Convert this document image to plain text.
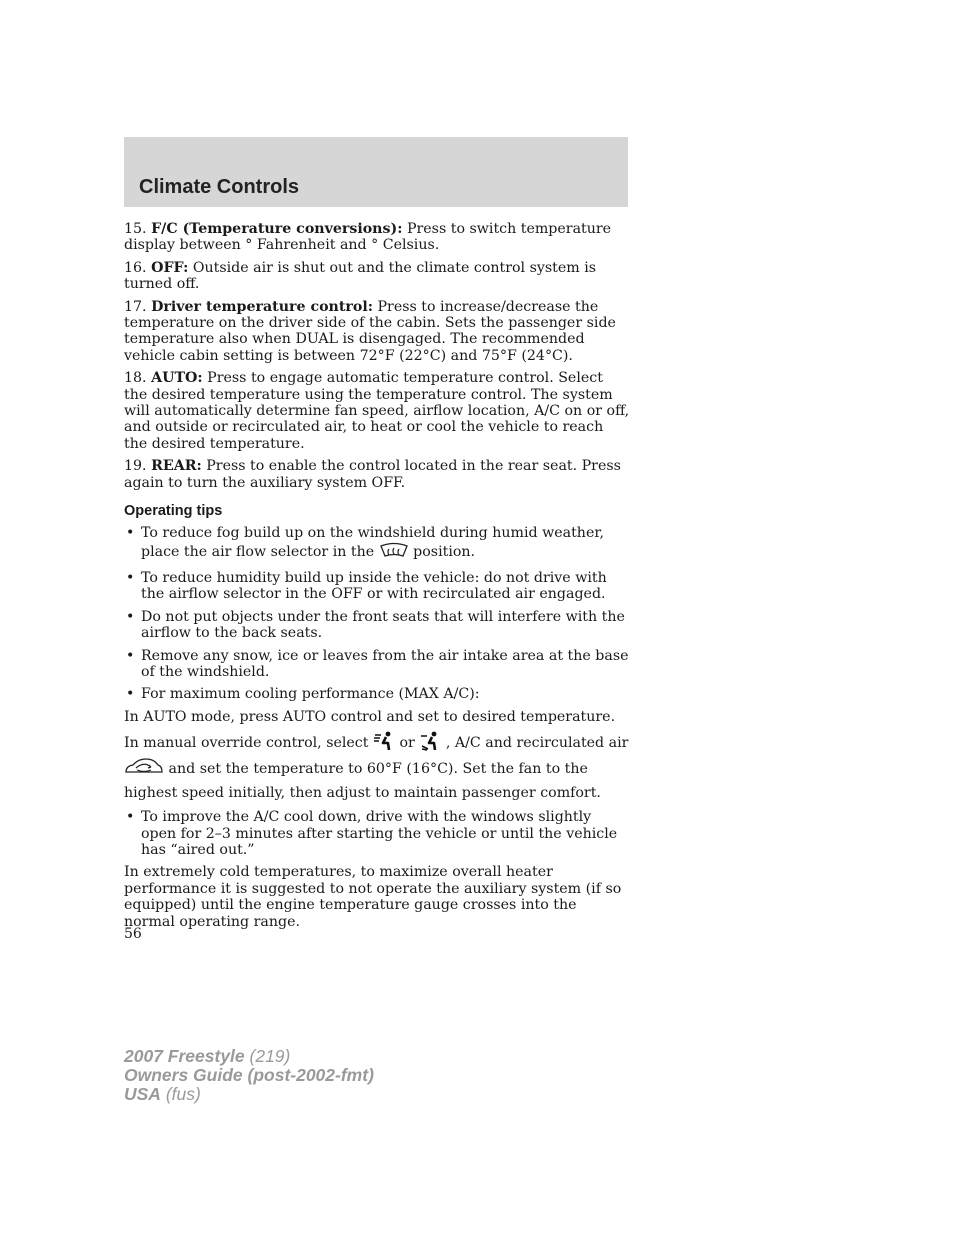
Climate Controls

15. F/C (Temperature conversions): Press to switch temperature display between ° Fahrenheit and ° Celsius.

16. OFF: Outside air is shut out and the climate control system is turned off.

17. Driver temperature control: Press to increase/decrease the temperature on the driver side of the cabin. Sets the passenger side temperature also when DUAL is disengaged. The recommended vehicle cabin setting is between 72°F (22°C) and 75°F (24°C).

18. AUTO: Press to engage automatic temperature control. Select the desired temperature using the temperature control. The system will automatically determine fan speed, airflow location, A/C on or off, and outside or recirculated air, to heat or cool the vehicle to reach the desired temperature.

19. REAR: Press to enable the control located in the rear seat. Press again to turn the auxiliary system OFF.

Operating tips
• To reduce fog build up on the windshield during humid weather, place the air flow selector in the	position.
• To reduce humidity build up inside the vehicle: do not drive with the airflow selector in the OFF or with recirculated air engaged.
• Do not put objects under the front seats that will interfere with the airflow to the back seats.
• Remove any snow, ice or leaves from the air intake area at the base of the windshield.
• For maximum cooling performance (MAX A/C):

In AUTO mode, press AUTO control and set to desired temperature.

In manual override control, select  or  , A/C and recirculated air  and set the temperature to 60°F (16°C). Set the fan to the highest speed initially, then adjust to maintain passenger comfort.

• To improve the A/C cool down, drive with the windows slightly open for 2–3 minutes after starting the vehicle or until the vehicle has “aired out.”

In extremely cold temperatures, to maximize overall heater performance it is suggested to not operate the auxiliary system (if so equipped) until the engine temperature gauge crosses into the normal operating range.

56
2007 Freestyle (219)
Owners Guide (post-2002-fmt)
USA (fus)
